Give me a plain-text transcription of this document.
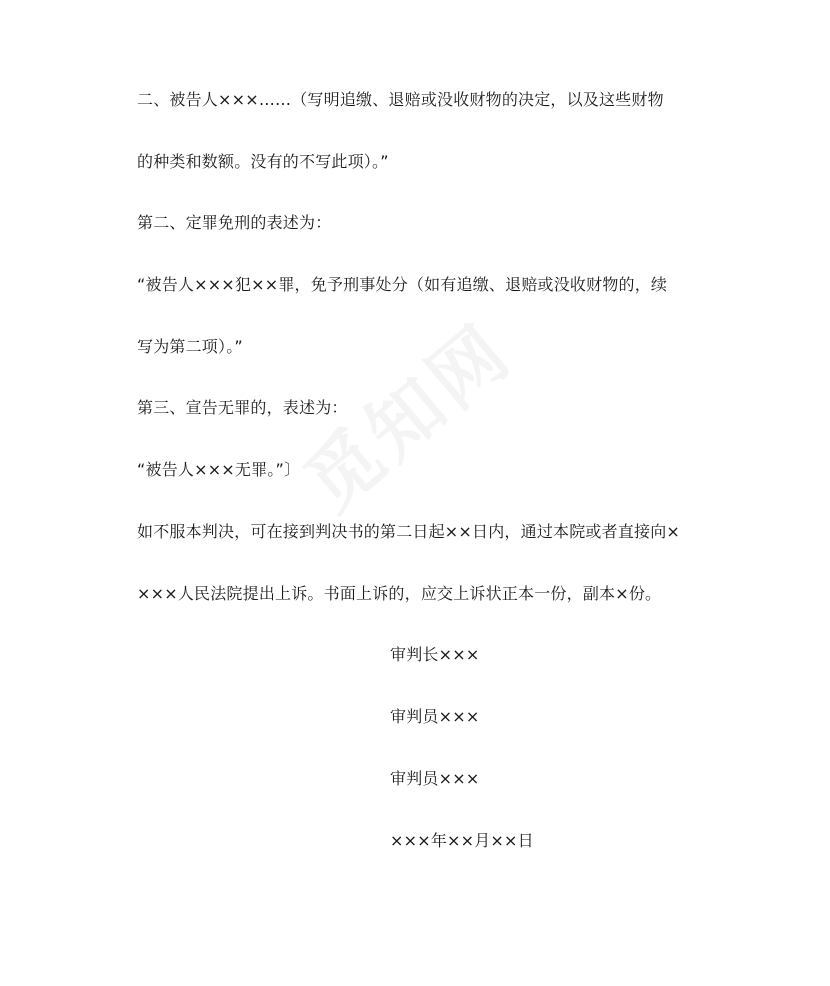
二、被告人×××……（写明追缴、退赔或没收财物的决定，以及这些财物
的种类和数额。没有的不写此项）。”
第二、定罪免刑的表述为：
“被告人×××犯××罪，免予刑事处分（如有追缴、退赔或没收财物的，续
写为第二项）。”
第三、宣告无罪的，表述为：
“被告人×××无罪。”〕
如不服本判决，可在接到判决书的第二日起××日内，通过本院或者直接向×
×××人民法院提出上诉。书面上诉的，应交上诉状正本一份，副本×份。
审判长×××
审判员×××
审判员×××
×××年××月××日
